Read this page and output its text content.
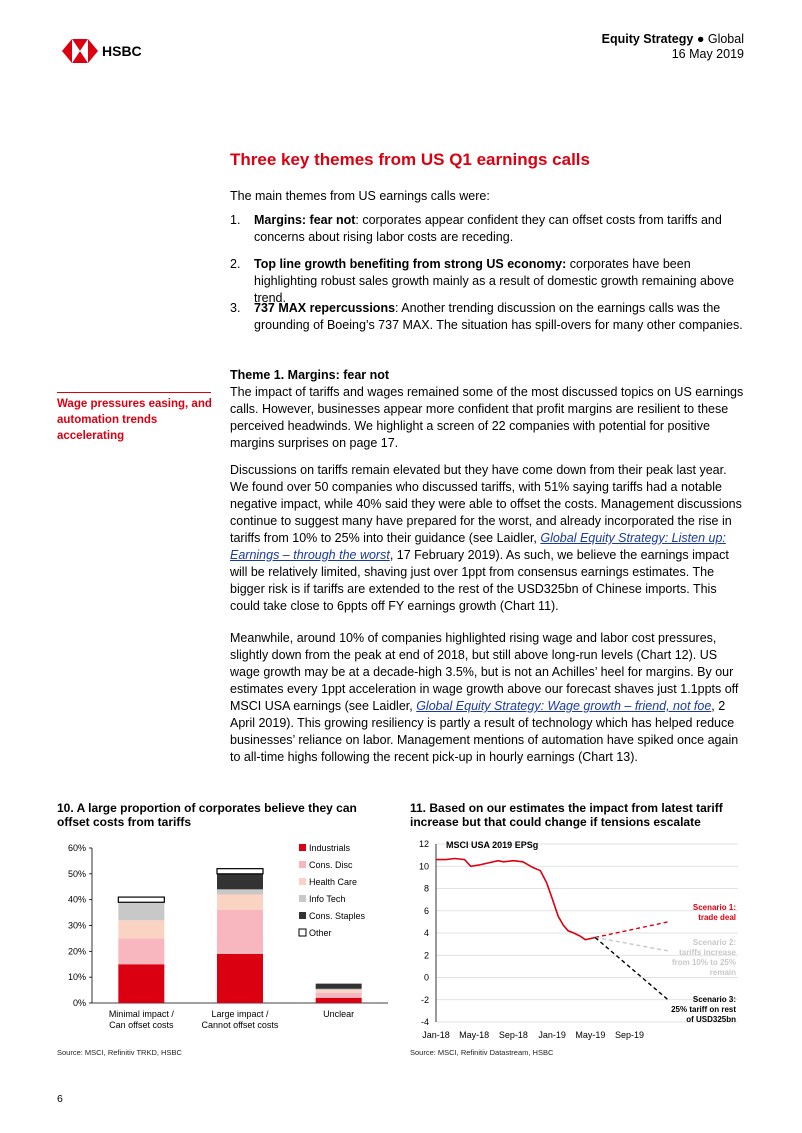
HSBC
Equity Strategy ● Global
16 May 2019
Three key themes from US Q1 earnings calls
The main themes from US earnings calls were:
1. Margins: fear not: corporates appear confident they can offset costs from tariffs and concerns about rising labor costs are receding.
2. Top line growth benefiting from strong US economy: corporates have been highlighting robust sales growth mainly as a result of domestic growth remaining above trend.
3. 737 MAX repercussions: Another trending discussion on the earnings calls was the grounding of Boeing’s 737 MAX. The situation has spill-overs for many other companies.
Theme 1. Margins: fear not
Wage pressures easing, and automation trends accelerating
The impact of tariffs and wages remained some of the most discussed topics on US earnings calls. However, businesses appear more confident that profit margins are resilient to these perceived headwinds. We highlight a screen of 22 companies with potential for positive margins surprises on page 17.
Discussions on tariffs remain elevated but they have come down from their peak last year. We found over 50 companies who discussed tariffs, with 51% saying tariffs had a notable negative impact, while 40% said they were able to offset the costs. Management discussions continue to suggest many have prepared for the worst, and already incorporated the rise in tariffs from 10% to 25% into their guidance (see Laidler, Global Equity Strategy: Listen up: Earnings – through the worst, 17 February 2019). As such, we believe the earnings impact will be relatively limited, shaving just over 1ppt from consensus earnings estimates. The bigger risk is if tariffs are extended to the rest of the USD325bn of Chinese imports. This could take close to 6ppts off FY earnings growth (Chart 11).
Meanwhile, around 10% of companies highlighted rising wage and labor cost pressures, slightly down from the peak at end of 2018, but still above long-run levels (Chart 12). US wage growth may be at a decade-high 3.5%, but is not an Achilles’ heel for margins. By our estimates every 1ppt acceleration in wage growth above our forecast shaves just 1.1ppts off MSCI USA earnings (see Laidler, Global Equity Strategy: Wage growth – friend, not foe, 2 April 2019). This growing resiliency is partly a result of technology which has helped reduce businesses’ reliance on labor. Management mentions of automation have spiked once again to all-time highs following the recent pick-up in hourly earnings (Chart 13).
10. A large proportion of corporates believe they can offset costs from tariffs
0%
10%
20%
30%
40%
50%
60%
Minimal impact /
Can offset costs
Large impact /
Cannot offset costs
Unclear
Industrials
Cons. Disc
Health Care
Info Tech
Cons. Staples
Other
Source: MSCI, Refinitiv TRKD, HSBC
11. Based on our estimates the impact from latest tariff increase but that could change if tensions escalate
-4
-2
0
2
4
6
8
10
12
Jan-18 May-18 Sep-18 Jan-19 May-19 Sep-19
MSCI USA 2019 EPSg
Scenario 1:
trade deal
Scenario 2:
tariffs increase
from 10% to 25%
remain
Scenario 3:
25% tariff on rest
of USD325bn
Source: MSCI, Refinitiv Datastream, HSBC
6
